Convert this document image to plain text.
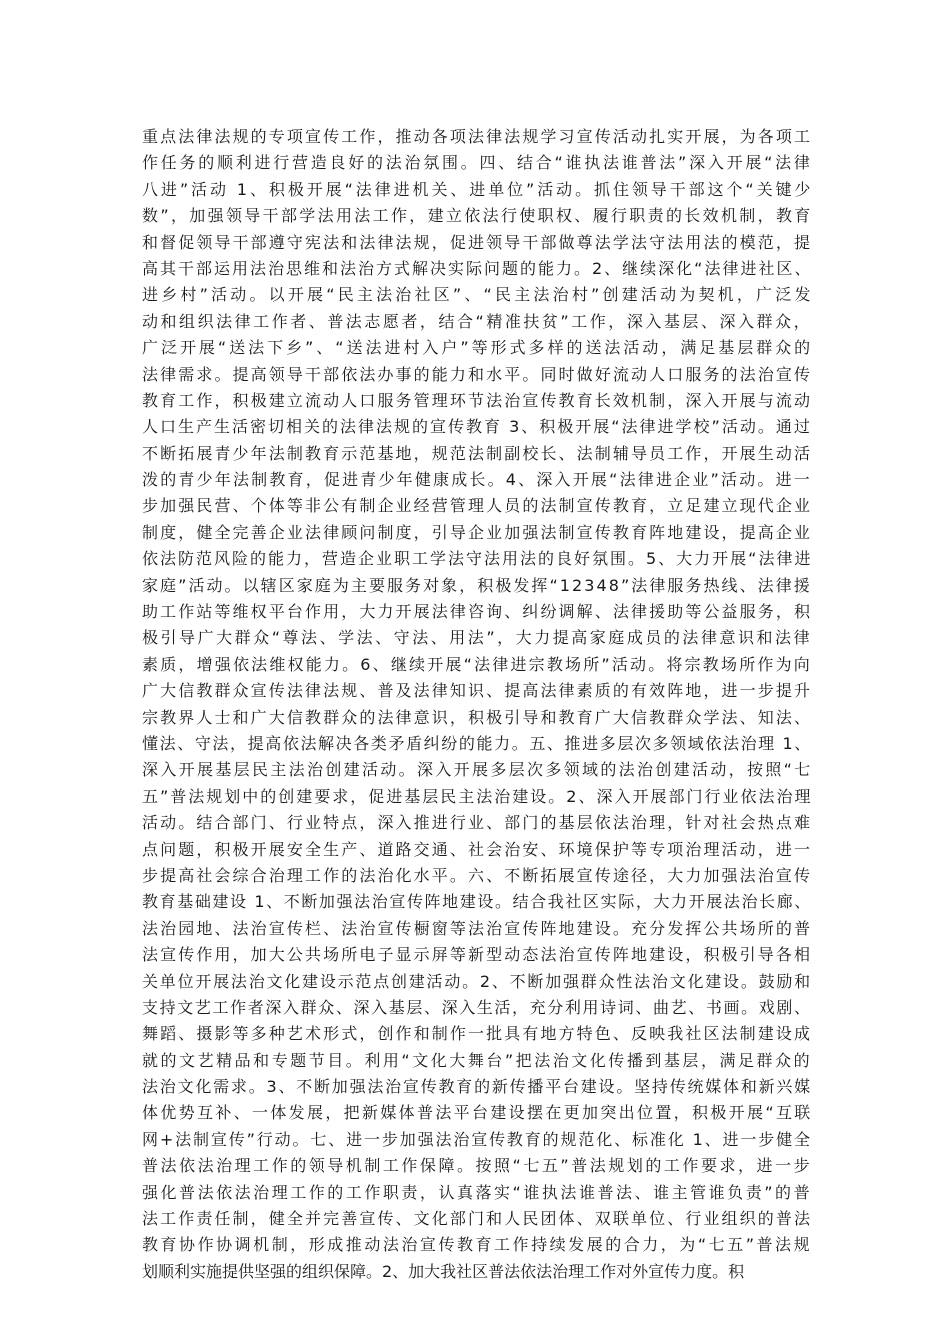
重点法律法规的专项宣传工作，推动各项法律法规学习宣传活动扎实开展，为各项工
作任务的顺利进行营造良好的法治氛围。四、结合“谁执法谁普法”深入开展“法律
八进”活动 1、积极开展“法律进机关、进单位”活动。抓住领导干部这个“关键少
数”，加强领导干部学法用法工作，建立依法行使职权、履行职责的长效机制，教育
和督促领导干部遵守宪法和法律法规，促进领导干部做尊法学法守法用法的模范，提
高其干部运用法治思维和法治方式解决实际问题的能力。2、继续深化“法律进社区、
进乡村”活动。以开展“民主法治社区”、“民主法治村”创建活动为契机，广泛发
动和组织法律工作者、普法志愿者，结合“精准扶贫”工作，深入基层、深入群众，
广泛开展“送法下乡”、“送法进村入户”等形式多样的送法活动，满足基层群众的
法律需求。提高领导干部依法办事的能力和水平。同时做好流动人口服务的法治宣传
教育工作，积极建立流动人口服务管理环节法治宣传教育长效机制，深入开展与流动
人口生产生活密切相关的法律法规的宣传教育 3、积极开展“法律进学校”活动。通过
不断拓展青少年法制教育示范基地，规范法制副校长、法制辅导员工作，开展生动活
泼的青少年法制教育，促进青少年健康成长。4、深入开展“法律进企业”活动。进一
步加强民营、个体等非公有制企业经营管理人员的法制宣传教育，立足建立现代企业
制度，健全完善企业法律顾问制度，引导企业加强法制宣传教育阵地建设，提高企业
依法防范风险的能力，营造企业职工学法守法用法的良好氛围。5、大力开展“法律进
家庭”活动。以辖区家庭为主要服务对象，积极发挥“12348”法律服务热线、法律援
助工作站等维权平台作用，大力开展法律咨询、纠纷调解、法律援助等公益服务，积
极引导广大群众“尊法、学法、守法、用法”，大力提高家庭成员的法律意识和法律
素质，增强依法维权能力。6、继续开展“法律进宗教场所”活动。将宗教场所作为向
广大信教群众宣传法律法规、普及法律知识、提高法律素质的有效阵地，进一步提升
宗教界人士和广大信教群众的法律意识，积极引导和教育广大信教群众学法、知法、
懂法、守法，提高依法解决各类矛盾纠纷的能力。五、推进多层次多领域依法治理 1、
深入开展基层民主法治创建活动。深入开展多层次多领域的法治创建活动，按照“七
五”普法规划中的创建要求，促进基层民主法治建设。2、深入开展部门行业依法治理
活动。结合部门、行业特点，深入推进行业、部门的基层依法治理，针对社会热点难
点问题，积极开展安全生产、道路交通、社会治安、环境保护等专项治理活动，进一
步提高社会综合治理工作的法治化水平。六、不断拓展宣传途径，大力加强法治宣传
教育基础建设 1、不断加强法治宣传阵地建设。结合我社区实际，大力开展法治长廊、
法治园地、法治宣传栏、法治宣传橱窗等法治宣传阵地建设。充分发挥公共场所的普
法宣传作用，加大公共场所电子显示屏等新型动态法治宣传阵地建设，积极引导各相
关单位开展法治文化建设示范点创建活动。2、不断加强群众性法治文化建设。鼓励和
支持文艺工作者深入群众、深入基层、深入生活，充分利用诗词、曲艺、书画。戏剧、
舞蹈、摄影等多种艺术形式，创作和制作一批具有地方特色、反映我社区法制建设成
就的文艺精品和专题节目。利用“文化大舞台”把法治文化传播到基层，满足群众的
法治文化需求。3、不断加强法治宣传教育的新传播平台建设。坚持传统媒体和新兴媒
体优势互补、一体发展，把新媒体普法平台建设摆在更加突出位置，积极开展“互联
网+法制宣传”行动。七、进一步加强法治宣传教育的规范化、标准化 1、进一步健全
普法依法治理工作的领导机制工作保障。按照“七五”普法规划的工作要求，进一步
强化普法依法治理工作的工作职责，认真落实“谁执法谁普法、谁主管谁负责”的普
法工作责任制，健全并完善宣传、文化部门和人民团体、双联单位、行业组织的普法
教育协作协调机制，形成推动法治宣传教育工作持续发展的合力，为“七五”普法规
划顺利实施提供坚强的组织保障。2、加大我社区普法依法治理工作对外宣传力度。积
